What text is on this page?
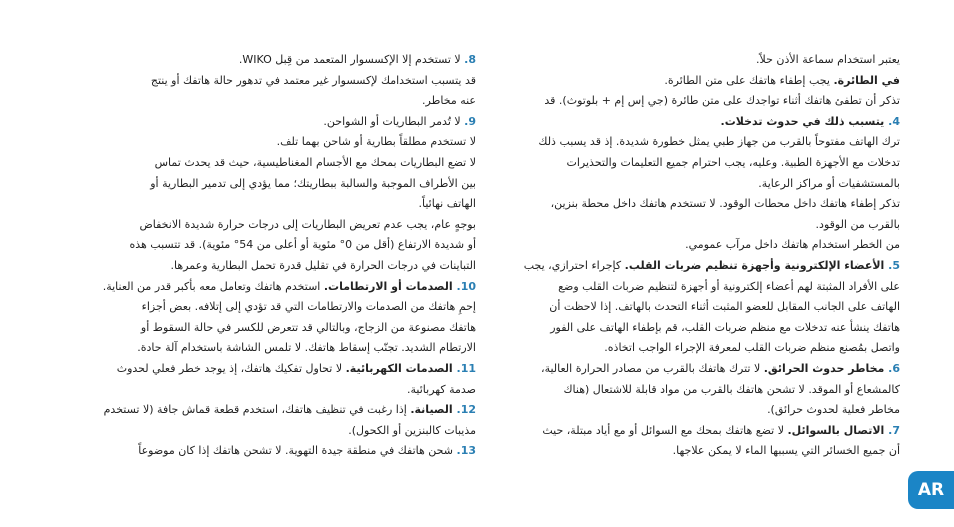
يعتبر استخدام سماعة الأذن حلاً.
في الطائرة. يجب إطفاء هاتفك على متن الطائرة.
تذكر أن تطفئ هاتفك أثناء تواجدك على متن طائرة (جي إس إم + بلوتوث). قد
4. يتسبب ذلك في حدوث تدخلات.
ترك الهاتف مفتوحاً بالقرب من جهاز طبي يمثل خطورة شديدة. إذ قد يسبب ذلك
تدخلات مع الأجهزة الطبية. وعليه، يجب احترام جميع التعليمات والتحذيرات
بالمستشفيات أو مراكز الرعاية.
تذكر إطفاء هاتفك داخل محطات الوقود. لا تستخدم هاتفك داخل محطة بنزين،
بالقرب من الوقود.
من الخطر استخدام هاتفك داخل مرآب عمومي.
5. الأعضاء الإلكترونية وأجهزة تنظيم ضربات القلب. كإجراء احترازي، يجب
على الأفراد المثبتة لهم أعضاء إلكترونية أو أجهزة لتنظيم ضربات القلب وضع
الهاتف على الجانب المقابل للعضو المثبت أثناء التحدث بالهاتف. إذا لاحظت أن
هاتفك ينشأ عنه تدخلات مع منظم ضربات القلب، قم بإطفاء الهاتف على الفور
واتصل بمُصنع منظم ضربات القلب لمعرفة الإجراء الواجب اتخاذه.
6. مخاطر حدوث الحرائق. لا تترك هاتفك بالقرب من مصادر الحرارة العالية،
كالمشعاع أو الموقد. لا تشحن هاتفك بالقرب من مواد قابلة للاشتعال (هناك
مخاطر فعلية لحدوث حرائق).
7. الاتصال بالسوائل. لا تضع هاتفك بمحك مع السوائل أو مع أياد مبتلة، حيث
أن جميع الخسائر التي يسببها الماء لا يمكن علاجها.
8. لا تستخدم إلا الإكسسوار المتعمد من قِبل WIKO.
قد يتسبب استخدامك لإكسسوار غير معتمد في تدهور حالة هاتفك أو ينتج
عنه مخاطر.
9. لا تُدمر البطاريات أو الشواحن.
لا تستخدم مطلقاً بطارية أو شاحن بهما تلف.
لا تضع البطاريات بمحك مع الأجسام المغناطيسية، حيث قد يحدث تماس
بين الأطراف الموجبة والسالبة ببطاريتك؛ مما يؤدي إلى تدمير البطارية أو
الهاتف نهائياً.
بوجهٍ عام، يجب عدم تعريض البطاريات إلى درجات حرارة شديدة الانخفاض
أو شديدة الارتفاع (أقل من 0° مئوية أو أعلى من 54° مئوية). قد تتسبب هذه
التباينات في درجات الحرارة في تقليل قدرة تحمل البطارية وعمرها.
10. الصدمات أو الارتطامات. استخدم هاتفك وتعامل معه بأكبر قدر من العناية.
إحمِ هاتفك من الصدمات والارتطامات التي قد تؤدي إلى إتلافه. بعض أجزاء
هاتفك مصنوعة من الزجاج، وبالتالي قد تتعرض للكسر في حالة السقوط أو
الارتطام الشديد. تجنّب إسقاط هاتفك. لا تلمس الشاشة باستخدام آلة حادة.
11. الصدمات الكهربائية. لا تحاول تفكيك هاتفك، إذ يوجد خطر فعلي لحدوث
صدمة كهربائية.
12. الصيانة. إذا رغبت في تنظيف هاتفك، استخدم قطعة قماش جافة (لا تستخدم
مذيبات كالبنزين أو الكحول).
13. شحن هاتفك في منطقة جيدة التهوية. لا تشحن هاتفك إذا كان موضوعاً
AR
